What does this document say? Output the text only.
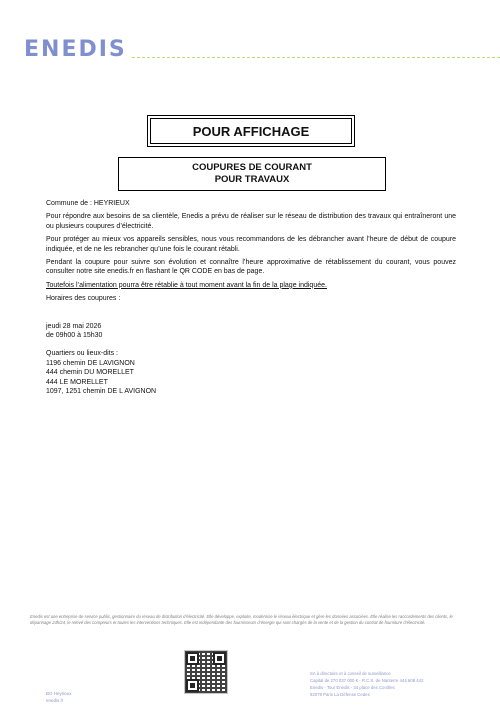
ENEDIS
POUR AFFICHAGE
COUPURES DE COURANT
POUR TRAVAUX

Commune de : HEYRIEUX

Pour répondre aux besoins de sa clientèle, Enedis a prévu de réaliser sur le réseau de distribution des travaux qui entraîneront une ou plusieurs coupures d’électricité.

Pour protéger au mieux vos appareils sensibles, nous vous recommandons de les débrancher avant l’heure de début de coupure indiquée, et de ne les rebrancher qu’une fois le courant rétabli.

Pendant la coupure pour suivre son évolution et connaître l’heure approximative de rétablissement du courant, vous pouvez consulter notre site enedis.fr en flashant le QR CODE en bas de page.

Toutefois l’alimentation pourra être rétablie à tout moment avant la fin de la plage indiquée.

Horaires des coupures :

jeudi 28 mai 2026
de 09h00 à 15h30
Quartiers ou lieux-dits :
1196 chemin DE LAVIGNON
444 chemin DU MORELLET
444 LE MORELLET
1097, 1251 chemin DE L AVIGNON
Enedis est une entreprise de service public, gestionnaire du réseau de distribution d’électricité. Elle développe, exploite, modernise le réseau électrique et gère les données associées. Elle réalise les raccordements des clients, le dépannage 24h/24, le relevé des compteurs et toutes les interventions techniques. Elle est indépendante des fournisseurs d’énergie qui sont chargés de la vente et de la gestion du contrat de fourniture d’électricité.
BO Heyrieux
enedis.fr
SA à directoire et à conseil de surveillance
Capital de 270 037 000 € - R.C.S. de Nanterre 444 608 442
Enedis - Tour Enedis - 34 place des Corolles
92079 Paris La Défense Cedex
